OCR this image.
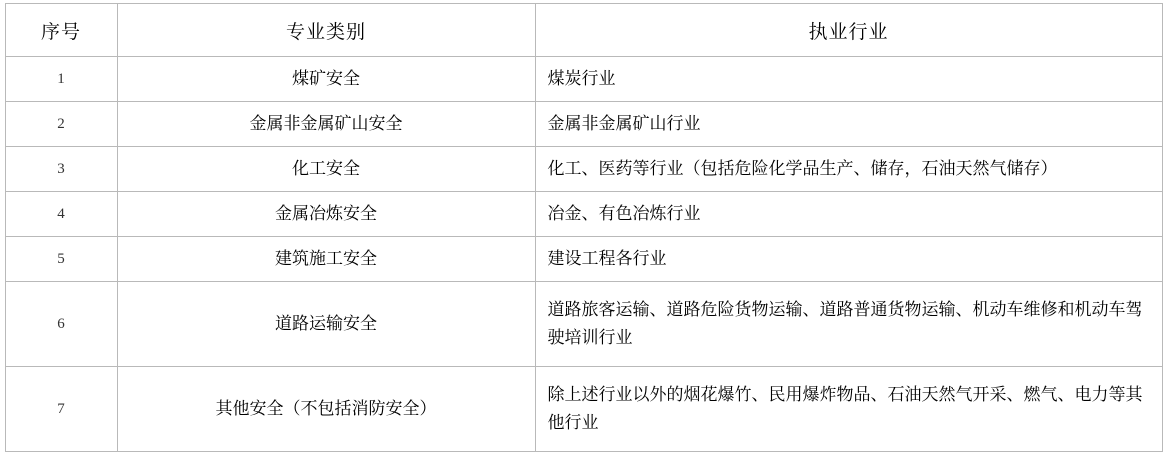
序号	专业类别	执业行业
1	煤矿安全	煤炭行业
2	金属非金属矿山安全	金属非金属矿山行业
3	化工安全	化工、医药等行业（包括危险化学品生产、储存，石油天然气储存）
4	金属冶炼安全	冶金、有色冶炼行业
5	建筑施工安全	建设工程各行业
6	道路运输安全	道路旅客运输、道路危险货物运输、道路普通货物运输、机动车维修和机动车驾驶培训行业
7	其他安全（不包括消防安全）	除上述行业以外的烟花爆竹、民用爆炸物品、石油天然气开采、燃气、电力等其他行业
